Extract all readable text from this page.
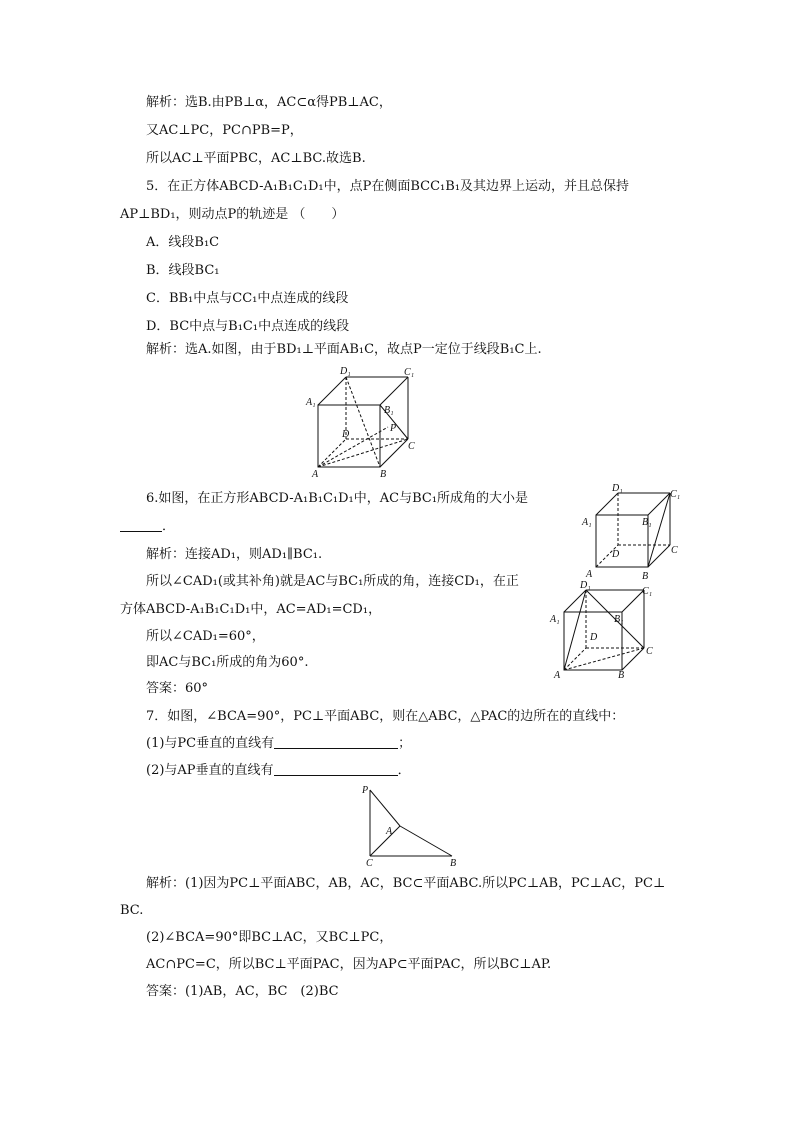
解析：选B.由PB⊥α，AC⊂α得PB⊥AC，
又AC⊥PC，PC∩PB=P，
所以AC⊥平面PBC，AC⊥BC.故选B.
5．在正方体ABCD-A₁B₁C₁D₁中，点P在侧面BCC₁B₁及其边界上运动，并且总保持
AP⊥BD₁，则动点P的轨迹是 （　　）
A．线段B₁C
B．线段BC₁
C．BB₁中点与CC₁中点连成的线段
D．BC中点与B₁C₁中点连成的线段
解析：选A.如图，由于BD₁⊥平面AB₁C，故点P一定位于线段B₁C上.
6.如图，在正方形ABCD-A₁B₁C₁D₁中，AC与BC₁所成角的大小是
．
解析：连接AD₁，则AD₁∥BC₁.
所以∠CAD₁(或其补角)就是AC与BC₁所成的角，连接CD₁，在正
方体ABCD-A₁B₁C₁D₁中，AC=AD₁=CD₁，
所以∠CAD₁=60°，
即AC与BC₁所成的角为60°.
答案：60°
7．如图，∠BCA=90°，PC⊥平面ABC，则在△ABC，△PAC的边所在的直线中：
(1)与PC垂直的直线有	；
(2)与AP垂直的直线有	．
解析：(1)因为PC⊥平面ABC，AB，AC，BC⊂平面ABC.所以PC⊥AB，PC⊥AC，PC⊥
BC.
(2)∠BCA=90°即BC⊥AC，又BC⊥PC，
AC∩PC=C，所以BC⊥平面PAC，因为AP⊂平面PAC，所以BC⊥AP.
答案：(1)AB，AC，BC　(2)BC
D₁	C₁
A₁
B₁
P
D
C
A	B
D₁
C₁
A₁	B₁
D	C
A	B
D₁
C₁
A₁	B₁
D
C
A	B
P
A
C	B
